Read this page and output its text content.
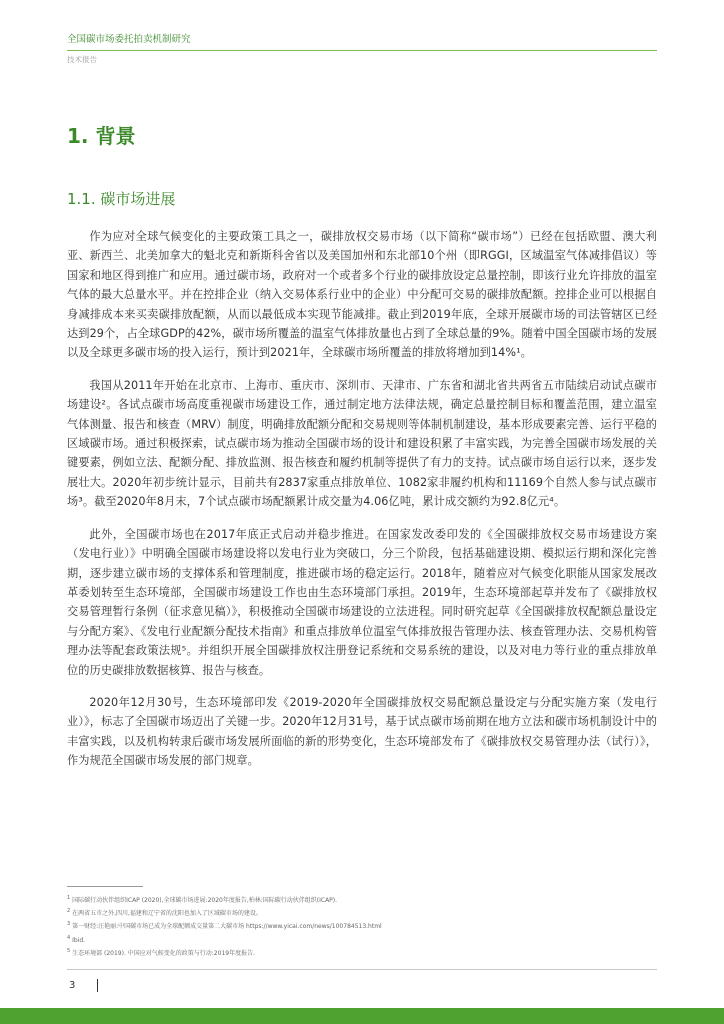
全国碳市场委托拍卖机制研究
技术报告
1. 背景
1.1. 碳市场进展

作为应对全球气候变化的主要政策工具之一，碳排放权交易市场（以下简称“碳市场”）已经在包括欧盟、澳大利亚、新西兰、北美加拿大的魁北克和新斯科舍省以及美国加州和东北部10个州（即RGGI，区域温室气体减排倡议）等国家和地区得到推广和应用。通过碳市场，政府对一个或者多个行业的碳排放设定总量控制，即该行业允许排放的温室气体的最大总量水平。并在控排企业（纳入交易体系行业中的企业）中分配可交易的碳排放配额。控排企业可以根据自身减排成本来买卖碳排放配额，从而以最低成本实现节能减排。截止到2019年底，全球开展碳市场的司法管辖区已经达到29个，占全球GDP的42%，碳市场所覆盖的温室气体排放量也占到了全球总量的9%。随着中国全国碳市场的发展以及全球更多碳市场的投入运行，预计到2021年，全球碳市场所覆盖的排放将增加到14%¹。

我国从2011年开始在北京市、上海市、重庆市、深圳市、天津市、广东省和湖北省共两省五市陆续启动试点碳市场建设²。各试点碳市场高度重视碳市场建设工作，通过制定地方法律法规，确定总量控制目标和覆盖范围，建立温室气体测量、报告和核查（MRV）制度，明确排放配额分配和交易规则等体制机制建设，基本形成要素完善、运行平稳的区域碳市场。通过积极探索，试点碳市场为推动全国碳市场的设计和建设积累了丰富实践，为完善全国碳市场发展的关键要素，例如立法、配额分配、排放监测、报告核查和履约机制等提供了有力的支持。试点碳市场自运行以来，逐步发展壮大。2020年初步统计显示，目前共有2837家重点排放单位、1082家非履约机构和11169个自然人参与试点碳市场³。截至2020年8月末，7个试点碳市场配额累计成交量为4.06亿吨，累计成交额约为92.8亿元⁴。

此外，全国碳市场也在2017年底正式启动并稳步推进。在国家发改委印发的《全国碳排放权交易市场建设方案（发电行业）》中明确全国碳市场建设将以发电行业为突破口，分三个阶段，包括基础建设期、模拟运行期和深化完善期，逐步建立碳市场的支撑体系和管理制度，推进碳市场的稳定运行。2018年，随着应对气候变化职能从国家发展改革委划转至生态环境部，全国碳市场建设工作也由生态环境部门承担。2019年，生态环境部起草并发布了《碳排放权交易管理暂行条例（征求意见稿）》，积极推动全国碳市场建设的立法进程。同时研究起草《全国碳排放权配额总量设定与分配方案》、《发电行业配额分配技术指南》和重点排放单位温室气体排放报告管理办法、核查管理办法、交易机构管理办法等配套政策法规⁵。并组织开展全国碳排放权注册登记系统和交易系统的建设，以及对电力等行业的重点排放单位的历史碳排放数据核算、报告与核查。

2020年12月30号，生态环境部印发《2019-2020年全国碳排放权交易配额总量设定与分配实施方案（发电行业）》，标志了全国碳市场迈出了关键一步。2020年12月31号，基于试点碳市场前期在地方立法和碳市场机制设计中的丰富实践，以及机构转隶后碳市场发展所面临的新的形势变化，生态环境部发布了《碳排放权交易管理办法（试行）》，作为规范全国碳市场发展的部门规章。

$^1$ 国际碳行动伙伴组织ICAP (2020),全球碳市场进展:2020年度报告,柏林:国际碳行动伙伴组织(ICAP).
$^2$ 在两省五市之外,四川,福建和辽宁省的沈阳也加入了区域碳市场的建设。
$^3$ 第一财经:汪艳丽:中国碳市场已成为全球配额成交量第二大碳市场 https://www.yicai.com/news/100784513.html
$^4$ Ibid.
$^5$ 生态环境部 (2019). 中国应对气候变化的政策与行动:2019年度报告.
3
